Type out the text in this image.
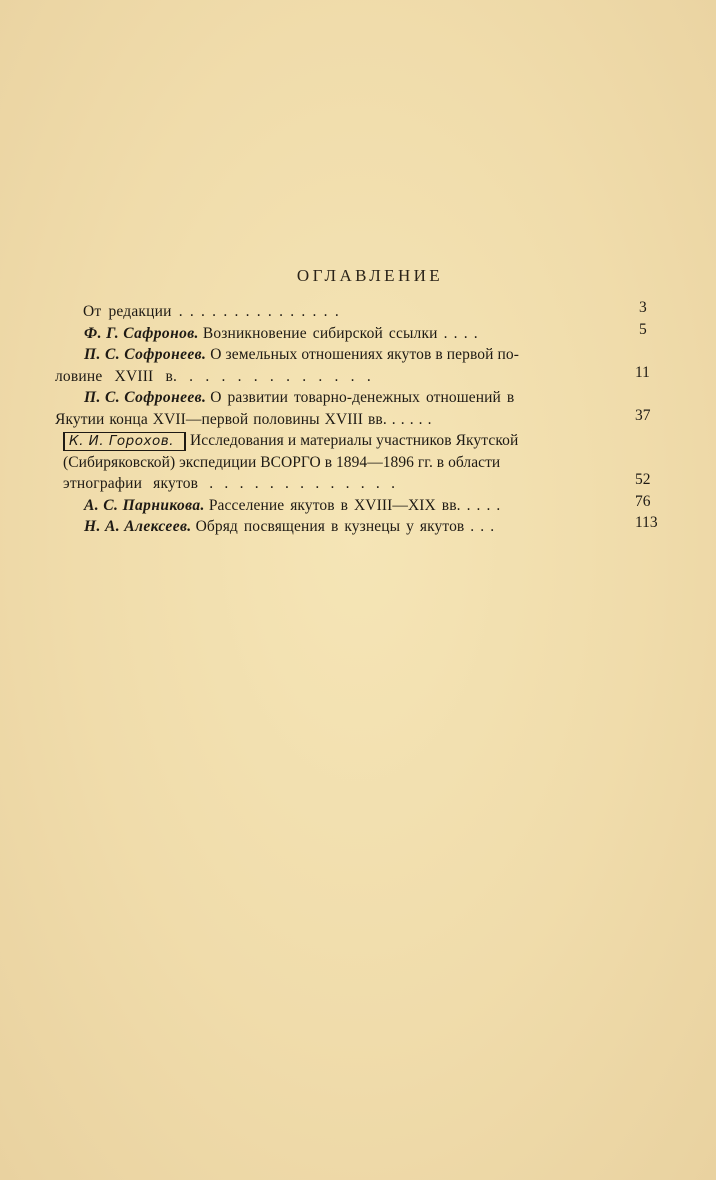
ОГЛАВЛЕНИЕ
От редакции . . . . . . . . . . . . . . .	3
Ф. Г. Сафронов. Возникновение сибирской ссылки . . . .	5
П. С. Софронеев. О земельных отношениях якутов в первой по-
ловине XVIII в. . . . . . . . . . . . .	11
П. С. Софронеев. О развитии товарно-денежных отношений в
Якутии конца XVII—первой половины XVIII вв. . . . . .	37
К. И. Горохов. Исследования и материалы участников Якутской
(Сибиряковской) экспедиции ВСОРГО в 1894—1896 гг. в области
этнографии якутов . . . . . . . . . . . . .	52
А. С. Парникова. Расселение якутов в XVIII—XIX вв. . . . .	76
Н. А. Алексеев. Обряд посвящения в кузнецы у якутов . . .	113
